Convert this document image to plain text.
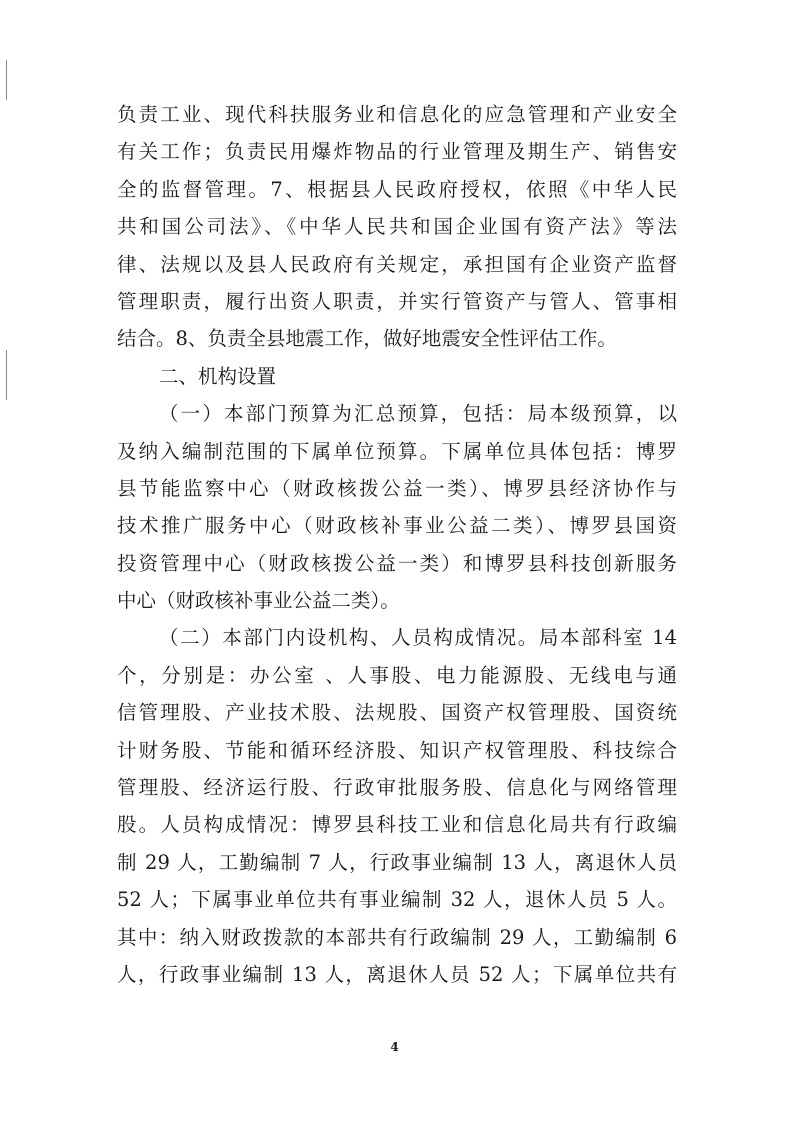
负责工业、现代科扶服务业和信息化的应急管理和产业安全
有关工作；负责民用爆炸物品的行业管理及期生产、销售安
全的监督管理。7、根据县人民政府授权，依照《中华人民
共和国公司法》、《中华人民共和国企业国有资产法》等法
律、法规以及县人民政府有关规定，承担国有企业资产监督
管理职责，履行出资人职责，并实行管资产与管人、管事相
结合。8、负责全县地震工作，做好地震安全性评估工作。
二、机构设置
（一）本部门预算为汇总预算，包括：局本级预算，以
及纳入编制范围的下属单位预算。下属单位具体包括：博罗
县节能监察中心（财政核拨公益一类）、博罗县经济协作与
技术推广服务中心（财政核补事业公益二类）、博罗县国资
投资管理中心（财政核拨公益一类）和博罗县科技创新服务
中心（财政核补事业公益二类）。
（二）本部门内设机构、人员构成情况。局本部科室 14
个，分别是：办公室 、人事股、电力能源股、无线电与通
信管理股、产业技术股、法规股、国资产权管理股、国资统
计财务股、节能和循环经济股、知识产权管理股、科技综合
管理股、经济运行股、行政审批服务股、信息化与网络管理
股。人员构成情况：博罗县科技工业和信息化局共有行政编
制 29 人，工勤编制 7 人，行政事业编制 13 人，离退休人员
52 人；下属事业单位共有事业编制 32 人，退休人员 5 人。
其中：纳入财政拨款的本部共有行政编制 29 人，工勤编制 6
人，行政事业编制 13 人，离退休人员 52 人；下属单位共有
4
